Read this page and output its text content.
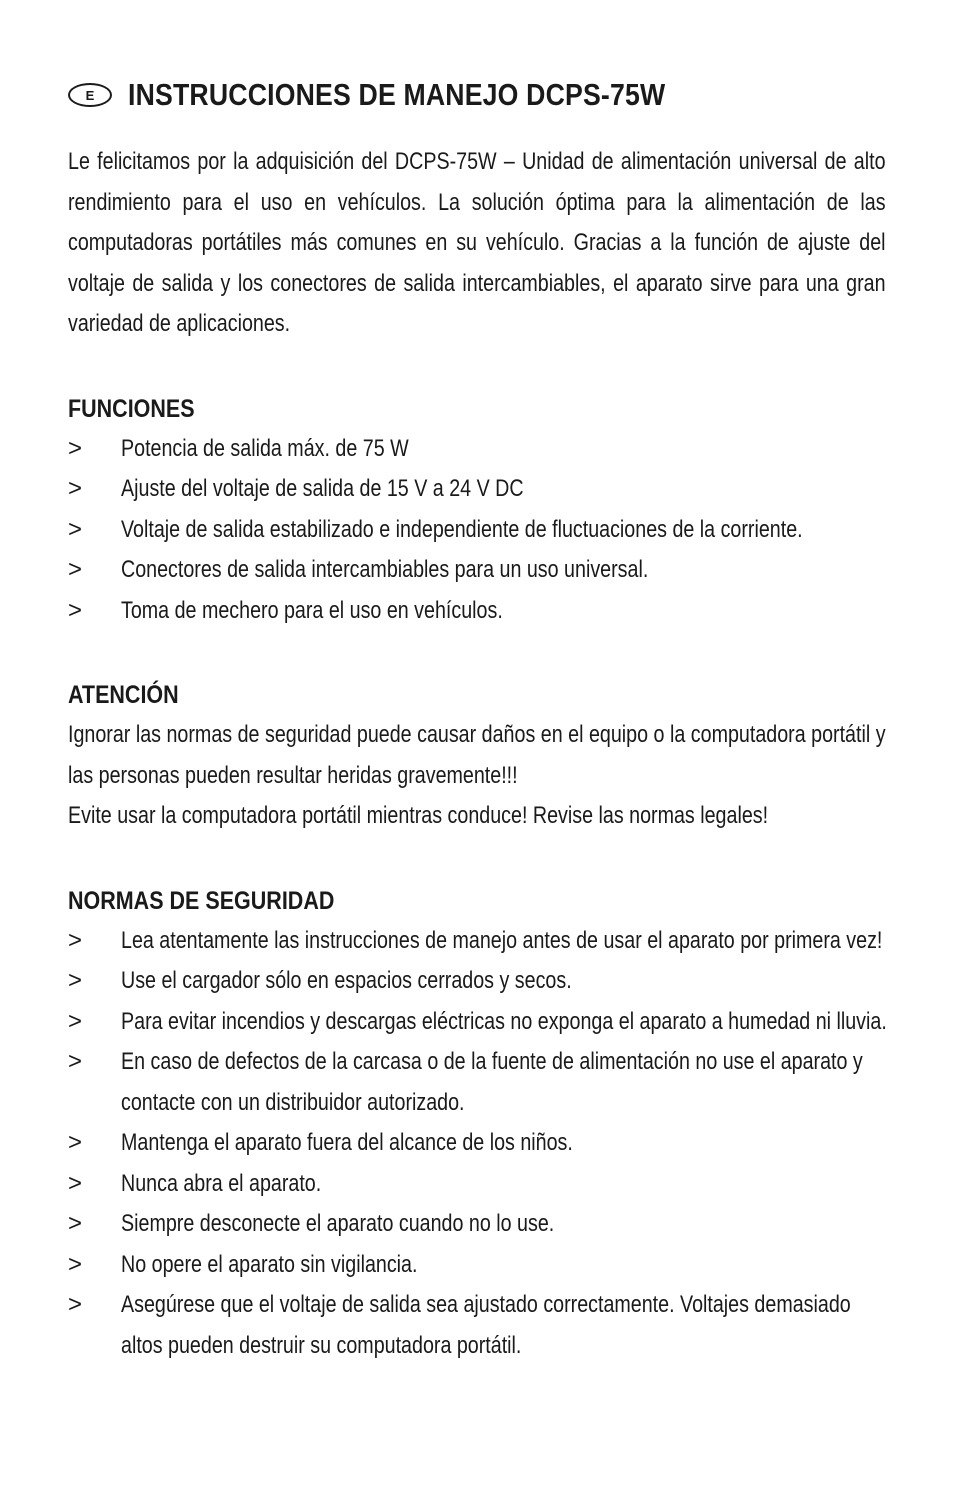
E	INSTRUCCIONES DE MANEJO DCPS-75W

Le felicitamos por la adquisición del DCPS-75W – Unidad de alimentación universal de alto rendimiento para el uso en vehículos. La solución óptima para la alimentación de las computadoras portátiles más comunes en su vehículo. Gracias a la función de ajuste del voltaje de salida y los conectores de salida intercambiables, el aparato sirve para una gran variedad de aplicaciones.

FUNCIONES
>	Potencia de salida máx. de 75 W
>	Ajuste del voltaje de salida de 15 V a 24 V DC
>	Voltaje de salida estabilizado e independiente de fluctuaciones de la corriente.
>	Conectores de salida intercambiables para un uso universal.
>	Toma de mechero para el uso en vehículos.
ATENCIÓN
Ignorar las normas de seguridad puede causar daños en el equipo o la computadora portátil y las personas pueden resultar heridas gravemente!!!
Evite usar la computadora portátil mientras conduce! Revise las normas legales!
NORMAS DE SEGURIDAD
>	Lea atentamente las instrucciones de manejo antes de usar el aparato por primera vez!
>	Use el cargador sólo en espacios cerrados y secos.
>	Para evitar incendios y descargas eléctricas no exponga el aparato a humedad ni lluvia.
>	En caso de defectos de la carcasa o de la fuente de alimentación no use el aparato y contacte con un distribuidor autorizado.
>	Mantenga el aparato fuera del alcance de los niños.
>	Nunca abra el aparato.
>	Siempre desconecte el aparato cuando no lo use.
>	No opere el aparato sin vigilancia.
>	Asegúrese que el voltaje de salida sea ajustado correctamente. Voltajes demasiado altos pueden destruir su computadora portátil.
